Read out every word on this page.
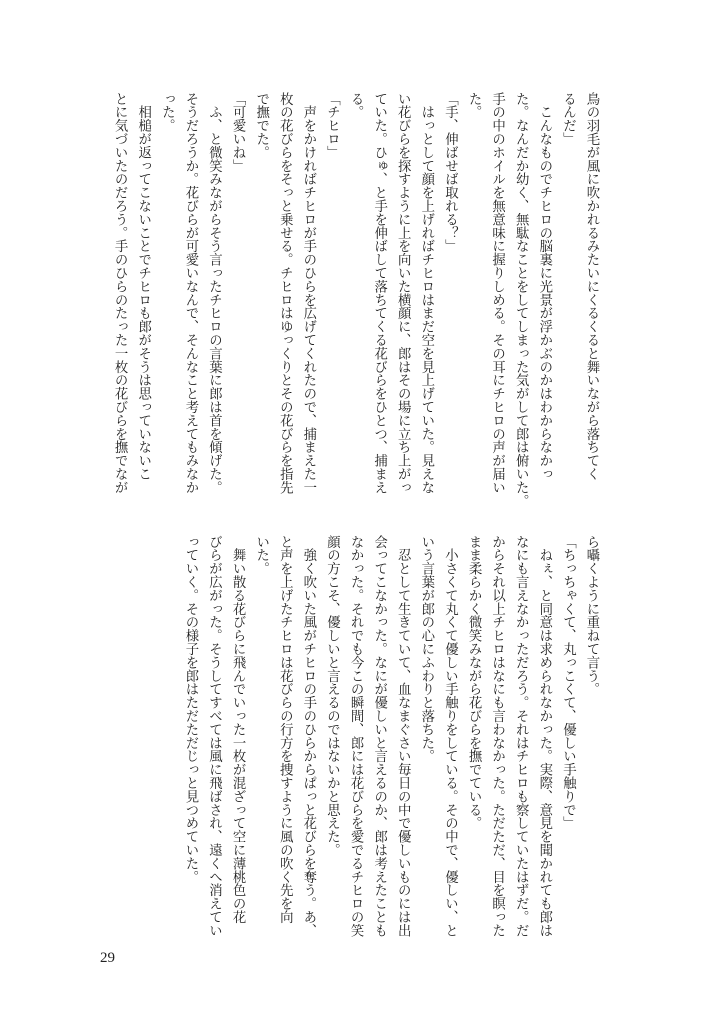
鳥の羽毛が風に吹かれるみたいにくるくると舞いながら落ちてく
るんだ」
　こんなものでチヒロの脳裏に光景が浮かぶのかはわからなかっ
た。なんだか幼く、無駄なことをしてしまった気がして郎は俯いた。
手の中のホイルを無意味に握りしめる。その耳にチヒロの声が届い
た。
「手、伸ばせば取れる？」
　はっとして顔を上げればチヒロはまだ空を見上げていた。見えな
い花びらを探すように上を向いた横顔に、郎はその場に立ち上がっ
ていた。ひゅ、と手を伸ばして落ちてくる花びらをひとつ、捕まえ
る。
「チヒロ」
　声をかければチヒロが手のひらを広げてくれたので、捕まえた一
枚の花びらをそっと乗せる。チヒロはゆっくりとその花びらを指先
で撫でた。
「可愛いね」
　ふ、と微笑みながらそう言ったチヒロの言葉に郎は首を傾げた。
そうだろうか。花びらが可愛いなんで、そんなこと考えてもみなか
った。
　相槌が返ってこないことでチヒロも郎がそうは思っていないこ
とに気づいたのだろう。手のひらのたった一枚の花びらを撫でなが
ら囁くように重ねて言う。
「ちっちゃくて、丸っこくて、優しい手触りで」
　ねぇ、と同意は求められなかった。実際、意見を聞かれても郎は
なにも言えなかっただろう。それはチヒロも察していたはずだ。だ
からそれ以上チヒロはなにも言わなかった。ただただ、目を瞑った
まま柔らかく微笑みながら花びらを撫でている。
　小さくて丸くて優しい手触りをしている。その中で、優しい、と
いう言葉が郎の心にふわりと落ちた。
　忍として生きていて、血なまぐさい毎日の中で優しいものには出
会ってこなかった。なにが優しいと言えるのか、郎は考えたことも
なかった。それでも今この瞬間、郎には花びらを愛でるチヒロの笑
顔の方こそ、優しいと言えるのではないかと思えた。
　強く吹いた風がチヒロの手のひらからぱっと花びらを奪う。あ、
と声を上げたチヒロは花びらの行方を捜すように風の吹く先を向
いた。
　舞い散る花びらに飛んでいった一枚が混ざって空に薄桃色の花
びらが広がった。そうしてすべては風に飛ばされ、遠くへ消えてい
っていく。その様子を郎はただただじっと見つめていた。
29
